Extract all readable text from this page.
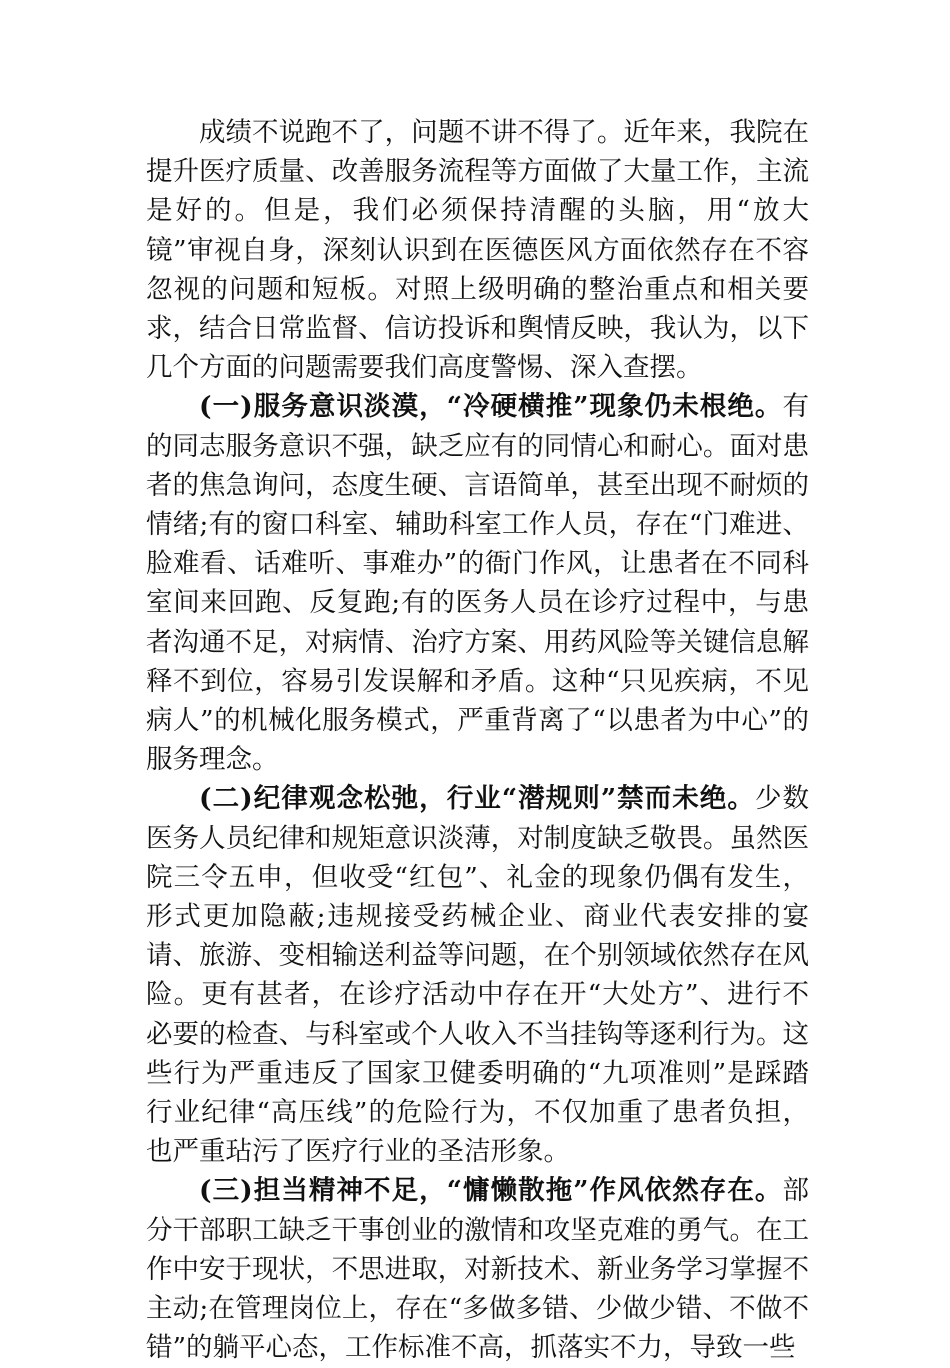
成绩不说跑不了，问题不讲不得了。近年来，我院在提升医疗质量、改善服务流程等方面做了大量工作，主流是好的。但是，我们必须保持清醒的头脑，用“放大镜”审视自身，深刻认识到在医德医风方面依然存在不容忽视的问题和短板。对照上级明确的整治重点和相关要求，结合日常监督、信访投诉和舆情反映，我认为，以下几个方面的问题需要我们高度警惕、深入查摆。

(一)服务意识淡漠，“冷硬横推”现象仍未根绝。有的同志服务意识不强，缺乏应有的同情心和耐心。面对患者的焦急询问，态度生硬、言语简单，甚至出现不耐烦的情绪;有的窗口科室、辅助科室工作人员，存在“门难进、脸难看、话难听、事难办”的衙门作风，让患者在不同科室间来回跑、反复跑;有的医务人员在诊疗过程中，与患者沟通不足，对病情、治疗方案、用药风险等关键信息解释不到位，容易引发误解和矛盾。这种“只见疾病，不见病人”的机械化服务模式，严重背离了“以患者为中心”的服务理念。

(二)纪律观念松弛，行业“潜规则”禁而未绝。少数医务人员纪律和规矩意识淡薄，对制度缺乏敬畏。虽然医院三令五申，但收受“红包”、礼金的现象仍偶有发生，形式更加隐蔽;违规接受药械企业、商业代表安排的宴请、旅游、变相输送利益等问题，在个别领域依然存在风险。更有甚者，在诊疗活动中存在开“大处方”、进行不必要的检查、与科室或个人收入不当挂钩等逐利行为。这些行为严重违反了国家卫健委明确的“九项准则”是踩踏行业纪律“高压线”的危险行为，不仅加重了患者负担，也严重玷污了医疗行业的圣洁形象。

(三)担当精神不足，“慵懒散拖”作风依然存在。部分干部职工缺乏干事创业的激情和攻坚克难的勇气。在工作中安于现状，不思进取，对新技术、新业务学习掌握不主动;在管理岗位上，存在“多做多错、少做少错、不做不错”的躺平心态，工作标准不高，抓落实不力，导致一些
